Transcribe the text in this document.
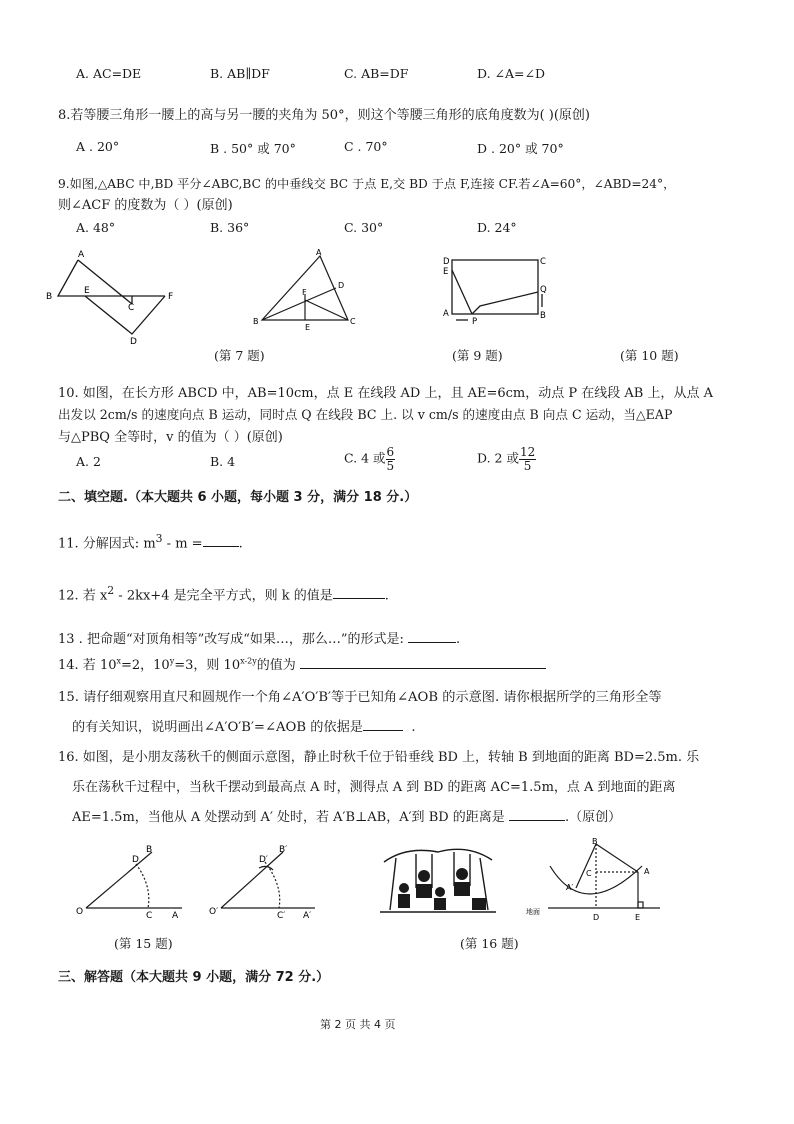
A. AC=DE	B. AB∥DF	C. AB=DF	D. ∠A=∠D
8.若等腰三角形一腰上的高与另一腰的夹角为 50°，则这个等腰三角形的底角度数为( )(原创)
A . 20°	B . 50° 或 70°	C . 70°	D . 20° 或 70°
9.如图,△ABC 中,BD 平分∠ABC,BC 的中垂线交 BC 于点 E,交 BD 于点 F,连接 CF.若∠A=60°，∠ABD=24°，
则∠ACF 的度数为（ ）(原创)
A. 48°	B. 36°	C. 30°	D. 24°
A
B
E
C
F
D
A
D
F
B
E
C
D
E
C
Q
A
P
B
(第 7 题)	(第 9 题)	(第 10 题)
10. 如图，在长方形 ABCD 中，AB=10cm，点 E 在线段 AD 上，且 AE=6cm，动点 P 在线段 AB 上，从点 A
出发以 2cm/s 的速度向点 B 运动，同时点 Q 在线段 BC 上. 以 v cm/s 的速度由点 B 向点 C 运动，当△EAP
与△PBQ 全等时，v 的值为（ ）(原创)
A. 2	B. 4	C. 4 或 $\frac{6}{5}$	D. 2 或 $\frac{12}{5}$
二、填空题.（本大题共 6 小题，每小题 3 分，满分 18 分.）
11. 分解因式: $m^3$ - m =	.
12. 若 $x^2 - 2kx+4$ 是完全平方式，则 k 的值是	.
13 . 把命题“对顶角相等”改写成“如果…，那么…”的形式是:	.
14. 若 $10^x=2$，$10^y=3$，则 $10^{x-2y}$的值为
15. 请仔细观察用直尺和圆规作一个角∠A′O′B′等于已知角∠AOB 的示意图. 请你根据所学的三角形全等
的有关知识，说明画出∠A′O′B′=∠AOB 的依据是	.
16. 如图，是小朋友荡秋千的侧面示意图，静止时秋千位于铅垂线 BD 上，转轴 B 到地面的距离 BD=2.5m. 乐
乐在荡秋千过程中，当秋千摆动到最高点 A 时，测得点 A 到 BD 的距离 AC=1.5m，点 A 到地面的距离
AE=1.5m，当他从 A 处摆动到 A′ 处时，若 A′B⊥AB，A′到 BD 的距离是	.（原创）
B
D
O	C A
B′
D′
O′	C′ A′
B
C	A
A′
地面
D	E
(第 15 题)	(第 16 题)
三、解答题（本大题共 9 小题，满分 72 分.）
第 2 页 共 4 页
